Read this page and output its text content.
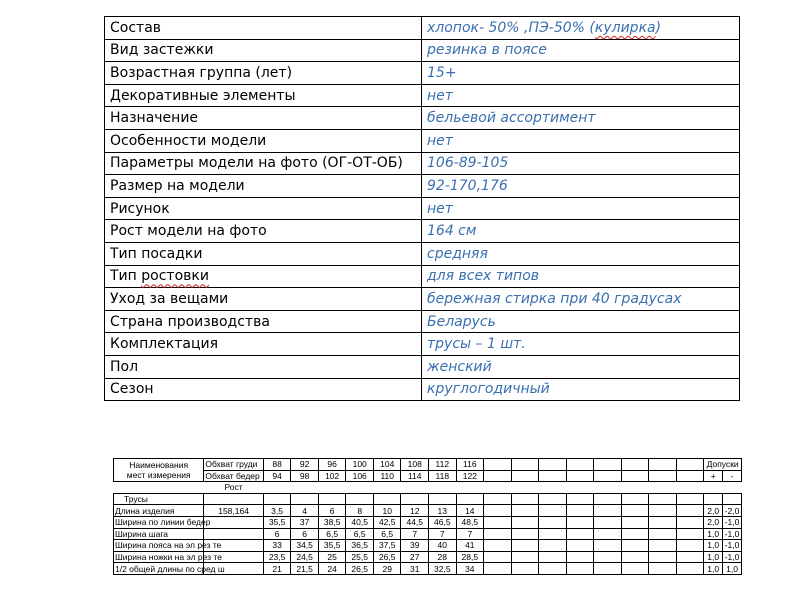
Состав	хлопок- 50% ,ПЭ-50% (кулирка)
Вид застежки	резинка в поясе
Возрастная группа (лет)	15+
Декоративные элементы	нет
Назначение	бельевой ассортимент
Особенности модели	нет
Параметры модели на фото (ОГ-ОТ-ОБ)	106-89-105
Размер на модели	92-170,176
Рисунок	нет
Рост модели на фото	164 см
Тип посадки	средняя
Тип ростовки	для всех типов
Уход за вещами	бережная стирка при 40 градусах
Страна производства	Беларусь
Комплектация	трусы – 1 шт.
Пол	женский
Сезон	круглогодичный
Наименования
мест измерения	Обхват груди	88	92	96	100	104	108	112	116									Допуски	
	Обхват бедер	94	98	102	106	110	114	118	122									+	-
	Рост																		
Трусы																			
Длина изделия	158,164	3,5	4	6	8	10	12	13	14									2,0	-2,0
Ширина по линии бедер		35,5	37	38,5	40,5	42,5	44,5	46,5	48,5									2,0	-1,0
Ширина шага		6	6	6,5	6,5	6,5	7	7	7									1,0	-1,0
Ширина пояса на эл рез те		33	34,5	35,5	36,5	37,5	39	40	41									1,0	-1,0
Ширина ножки на эл рез те		23,5	24,5	25	25,5	26,5	27	28	28,5									1,0	-1,0
1/2 общей длины по сред ш		21	21,5	24	26,5	29	31	32,5	34									1,0	1,0
